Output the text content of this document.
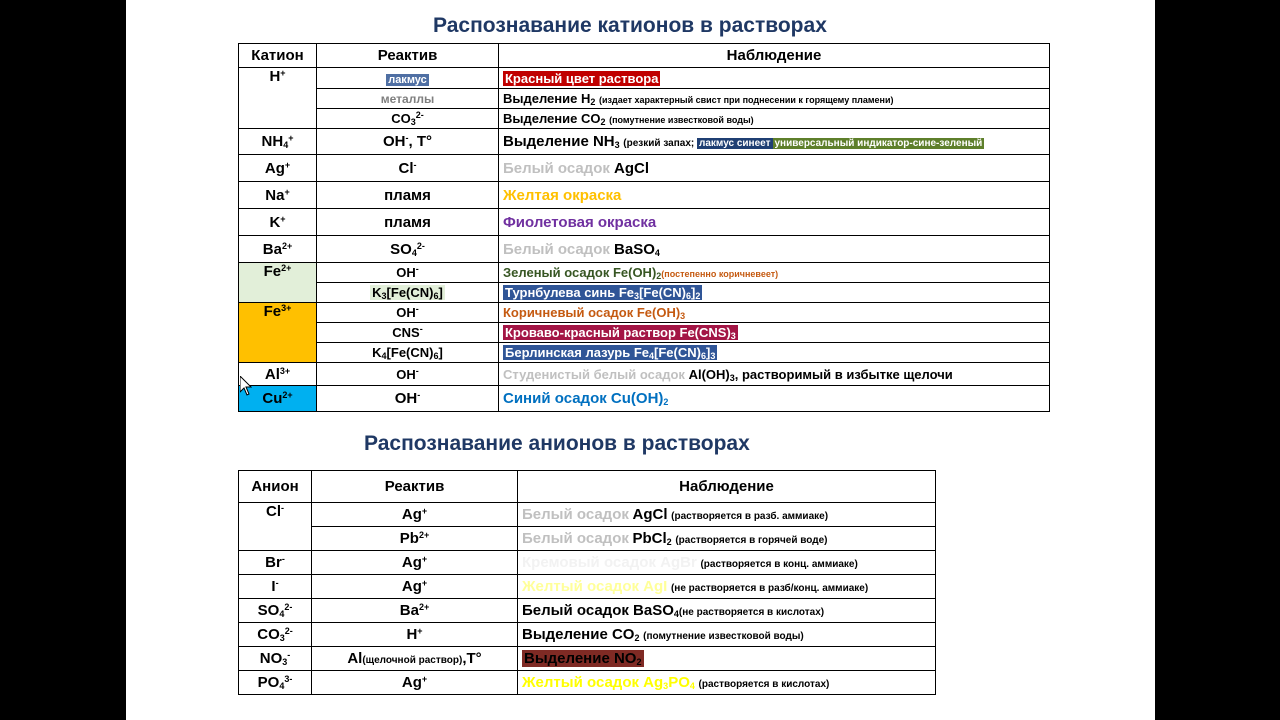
Распознавание катионов в растворах
Катион	Реактив	Наблюдение
H+	лакмус	Красный цвет раствора
	металлы	Выделение $H_2$ (издает характерный свист при поднесении к горящему пламени)
	$CO_3^{2-}$	Выделение $CO_2$ (помутнение известковой воды)
$NH_4^+$	OH-, T°	Выделение $NH_3$ (резкий запах; лакмус синеет универсальный индикатор-сине-зеленый
Ag+	Cl-	Белый осадок AgCl
Na+	пламя	Желтая окраска
K+	пламя	Фиолетовая окраска
$Ba^{2+}$	$SO_4^{2-}$	Белый осадок BaSO$_4$
$Fe^{2+}$	OH-	Зеленый осадок $Fe(OH)_2(постепенно$ коричневеет)
	$K_3[Fe(CN)_6]$	Турнбулева синь $Fe_3[Fe(CN)_6]_2$
$Fe^{3+}$	OH-	Коричневый осадок $Fe(OH)_3$
	CNS-	Кроваво-красный раствор $Fe(CNS)_3$
	$K_4[Fe(CN)_6]$	Берлинская лазурь $Fe_4[Fe(CN)_6]_3$
$Al^{3+}$	OH-	Студенистый белый осадок $Al(OH)_3$, растворимый в избытке щелочи
$Cu^{2+}$	OH-	Синий осадок $Cu(OH)_2$
Распознавание анионов в растворах
Анион	Реактив	Наблюдение
Cl-	Ag+	Белый осадок AgCl (растворяется в разб. аммиаке)
	$Pb^{2+}$	Белый осадок PbCl$_2$ (растворяется в горячей воде)
Br-	Ag+	Кремовый осадок AgBr (растворяется в конц. аммиаке)
I-	Ag+	Желтый осадок AgI (не растворяется в разб/конц. аммиаке)
$SO_4^{2-}$	$Ba^{2+}$	Белый осадок BaSO$_4$(не растворяется в кислотах)
$CO_3^{2-}$	H+	Выделение $CO_2$ (помутнение известковой воды)
$NO_3^-$	Al(щелочной раствор),T°	Выделение $NO_2$
$PO_4^{3-}$	Ag+	Желтый осадок $Ag_3PO_4$ (растворяется в кислотах)
